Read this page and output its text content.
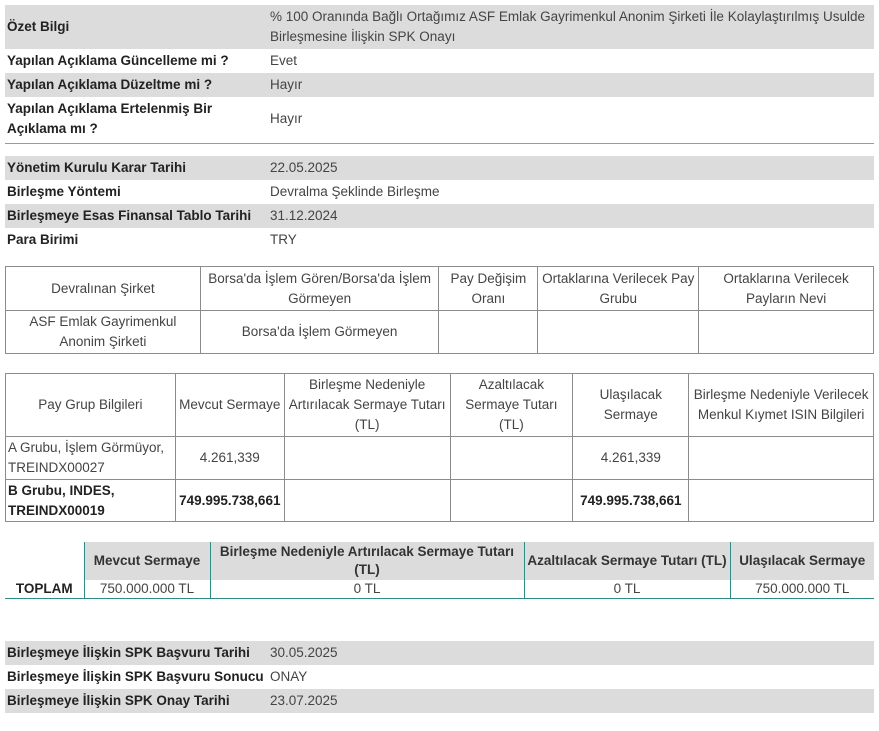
Özet Bilgi	% 100 Oranında Bağlı Ortağımız ASF Emlak Gayrimenkul Anonim Şirketi İle Kolaylaştırılmış Usulde Birleşmesine İlişkin SPK Onayı
Yapılan Açıklama Güncelleme mi ?	Evet
Yapılan Açıklama Düzeltme mi ?	Hayır
Yapılan Açıklama Ertelenmiş Bir Açıklama mı ?	Hayır
Yönetim Kurulu Karar Tarihi	22.05.2025
Birleşme Yöntemi	Devralma Şeklinde Birleşme
Birleşmeye Esas Finansal Tablo Tarihi	31.12.2024
Para Birimi	TRY
Devralınan Şirket	Borsa'da İşlem Gören/Borsa'da İşlem Görmeyen	Pay Değişim Oranı	Ortaklarına Verilecek Pay Grubu	Ortaklarına Verilecek Payların Nevi
ASF Emlak Gayrimenkul Anonim Şirketi	Borsa'da İşlem Görmeyen			
Pay Grup Bilgileri	Mevcut Sermaye	Birleşme Nedeniyle Artırılacak Sermaye Tutarı (TL)	Azaltılacak Sermaye Tutarı (TL)	Ulaşılacak Sermaye	Birleşme Nedeniyle Verilecek Menkul Kıymet ISIN Bilgileri
A Grubu, İşlem Görmüyor, TREINDX00027	4.261,339			4.261,339	
B Grubu, INDES, TREINDX00019	749.995.738,661			749.995.738,661	
	Mevcut Sermaye	Birleşme Nedeniyle Artırılacak Sermaye Tutarı (TL)	Azaltılacak Sermaye Tutarı (TL)	Ulaşılacak Sermaye
TOPLAM	750.000.000 TL	0 TL	0 TL	750.000.000 TL
Birleşmeye İlişkin SPK Başvuru Tarihi	30.05.2025
Birleşmeye İlişkin SPK Başvuru Sonucu	ONAY
Birleşmeye İlişkin SPK Onay Tarihi	23.07.2025
